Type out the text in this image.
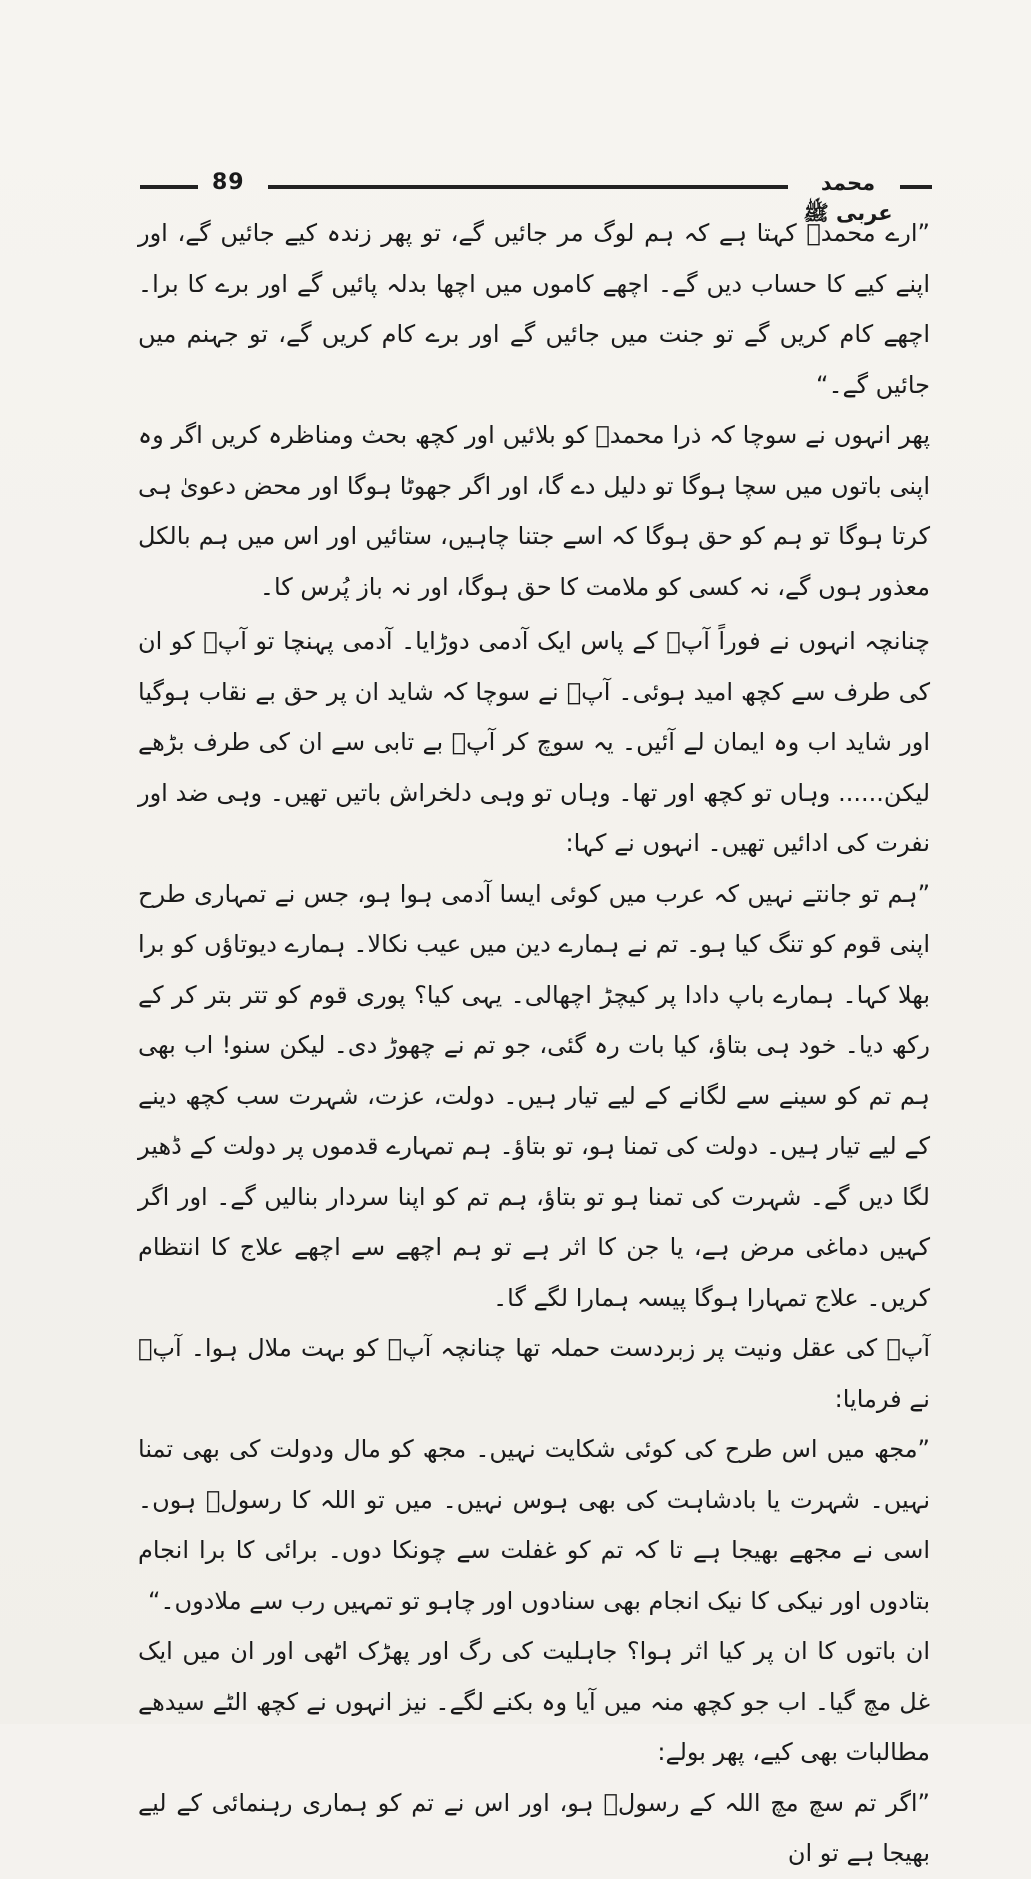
89	محمد عربی ﷺ

”ارے محمدؐ کہتا ہے کہ ہم لوگ مر جائیں گے، تو پھر زندہ کیے جائیں گے، اور اپنے کیے کا حساب دیں گے۔ اچھے کاموں میں اچھا بدلہ پائیں گے اور برے کا برا۔ اچھے کام کریں گے تو جنت میں جائیں گے اور برے کام کریں گے، تو جہنم میں جائیں گے۔“

پھر انہوں نے سوچا کہ ذرا محمدؐ کو بلائیں اور کچھ بحث ومناظرہ کریں اگر وہ اپنی باتوں میں سچا ہوگا تو دلیل دے گا، اور اگر جھوٹا ہوگا اور محض دعویٰ ہی کرتا ہوگا تو ہم کو حق ہوگا کہ اسے جتنا چاہیں، ستائیں اور اس میں ہم بالکل معذور ہوں گے، نہ کسی کو ملامت کا حق ہوگا، اور نہ باز پُرس کا۔

چنانچہ انہوں نے فوراً آپؐ کے پاس ایک آدمی دوڑایا۔ آدمی پہنچا تو آپؐ کو ان کی طرف سے کچھ امید ہوئی۔ آپؐ نے سوچا کہ شاید ان پر حق بے نقاب ہوگیا اور شاید اب وہ ایمان لے آئیں۔ یہ سوچ کر آپؐ بے تابی سے ان کی طرف بڑھے لیکن...... وہاں تو کچھ اور تھا۔ وہاں تو وہی دلخراش باتیں تھیں۔ وہی ضد اور نفرت کی ادائیں تھیں۔ انہوں نے کہا:

”ہم تو جانتے نہیں کہ عرب میں کوئی ایسا آدمی ہوا ہو، جس نے تمہاری طرح اپنی قوم کو تنگ کیا ہو۔ تم نے ہمارے دین میں عیب نکالا۔ ہمارے دیوتاؤں کو برا بھلا کہا۔ ہمارے باپ دادا پر کیچڑ اچھالی۔ یہی کیا؟ پوری قوم کو تتر بتر کر کے رکھ دیا۔ خود ہی بتاؤ، کیا بات رہ گئی، جو تم نے چھوڑ دی۔ لیکن سنو! اب بھی ہم تم کو سینے سے لگانے کے لیے تیار ہیں۔ دولت، عزت، شہرت سب کچھ دینے کے لیے تیار ہیں۔ دولت کی تمنا ہو، تو بتاؤ۔ ہم تمہارے قدموں پر دولت کے ڈھیر لگا دیں گے۔ شہرت کی تمنا ہو تو بتاؤ، ہم تم کو اپنا سردار بنالیں گے۔ اور اگر کہیں دماغی مرض ہے، یا جن کا اثر ہے تو ہم اچھے سے اچھے علاج کا انتظام کریں۔ علاج تمہارا ہوگا پیسہ ہمارا لگے گا۔

آپؐ کی عقل ونیت پر زبردست حملہ تھا چنانچہ آپؐ کو بہت ملال ہوا۔ آپؐ نے فرمایا:

”مجھ میں اس طرح کی کوئی شکایت نہیں۔ مجھ کو مال ودولت کی بھی تمنا نہیں۔ شہرت یا بادشاہت کی بھی ہوس نہیں۔ میں تو اللہ کا رسولؐ ہوں۔ اسی نے مجھے بھیجا ہے تا کہ تم کو غفلت سے چونکا دوں۔ برائی کا برا انجام بتادوں اور نیکی کا نیک انجام بھی سنادوں اور چاہو تو تمہیں رب سے ملادوں۔“

ان باتوں کا ان پر کیا اثر ہوا؟ جاہلیت کی رگ اور پھڑک اٹھی اور ان میں ایک غل مچ گیا۔ اب جو کچھ منہ میں آیا وہ بکنے لگے۔ نیز انہوں نے کچھ الٹے سیدھے مطالبات بھی کیے، پھر بولے:

”اگر تم سچ مچ اللہ کے رسولؐ ہو، اور اس نے تم کو ہماری رہنمائی کے لیے بھیجا ہے تو ان
